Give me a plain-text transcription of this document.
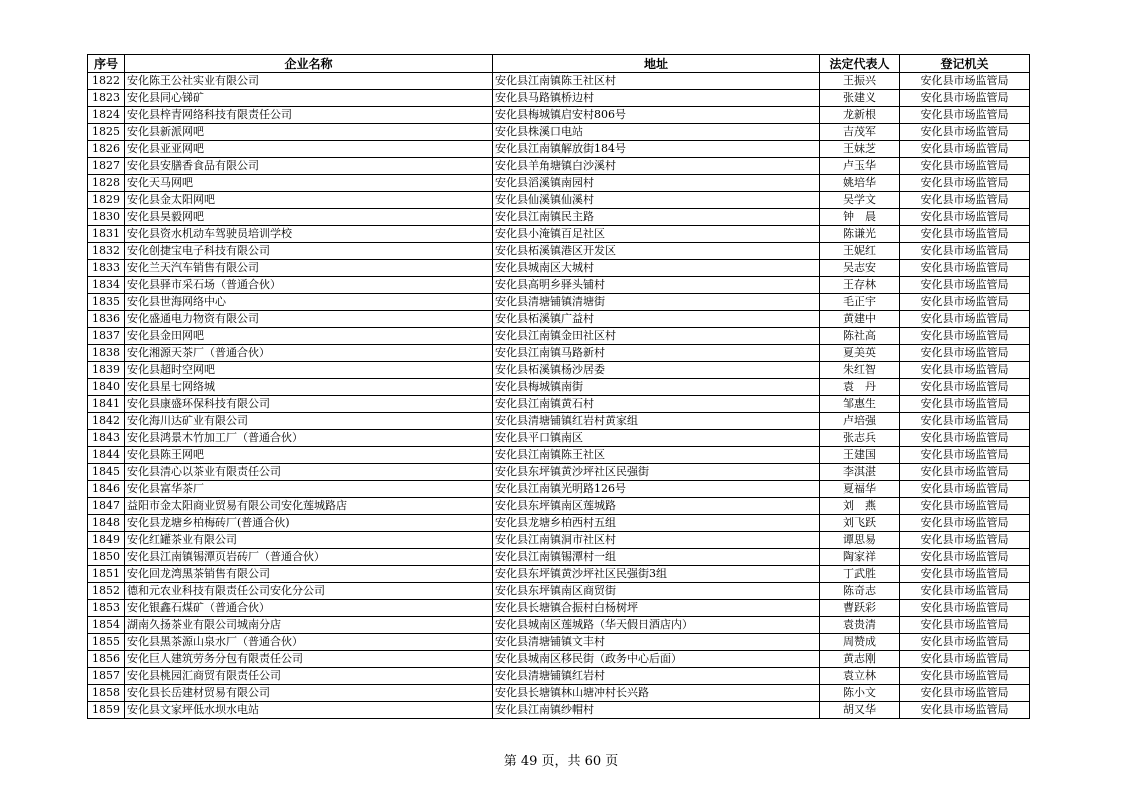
序号	企业名称	地址	法定代表人	登记机关
1822	安化陈王公社实业有限公司	安化县江南镇陈王社区村	王振兴	安化县市场监管局
1823	安化县同心锑矿	安化县马路镇桥边村	张建义	安化县市场监管局
1824	安化县梓青网络科技有限责任公司	安化县梅城镇启安村806号	龙新根	安化县市场监管局
1825	安化县新派网吧	安化县株溪口电站	吉茂军	安化县市场监管局
1826	安化县亚亚网吧	安化县江南镇解放街184号	王妹芝	安化县市场监管局
1827	安化县安膳香食品有限公司	安化县羊角塘镇白沙溪村	卢玉华	安化县市场监管局
1828	安化天马网吧	安化县滔溪镇南园村	姚培华	安化县市场监管局
1829	安化县金太阳网吧	安化县仙溪镇仙溪村	吴学文	安化县市场监管局
1830	安化县昊毅网吧	安化县江南镇民主路	钟　晨	安化县市场监管局
1831	安化县资水机动车驾驶员培训学校	安化县小淹镇百足社区	陈谦光	安化县市场监管局
1832	安化创捷宝电子科技有限公司	安化县柘溪镇港区开发区	王妮红	安化县市场监管局
1833	安化兰天汽车销售有限公司	安化县城南区大城村	吴志安	安化县市场监管局
1834	安化县驿市采石场（普通合伙）	安化县高明乡驿头铺村	王存林	安化县市场监管局
1835	安化县世海网络中心	安化县清塘铺镇清塘街	毛正宇	安化县市场监管局
1836	安化盛通电力物资有限公司	安化县柘溪镇广益村	黄建中	安化县市场监管局
1837	安化县金田网吧	安化县江南镇金田社区村	陈社高	安化县市场监管局
1838	安化湘源天茶厂（普通合伙）	安化县江南镇马路新村	夏美英	安化县市场监管局
1839	安化县超时空网吧	安化县柘溪镇杨沙居委	朱红智	安化县市场监管局
1840	安化县星七网络城	安化县梅城镇南街	袁　丹	安化县市场监管局
1841	安化县康盛环保科技有限公司	安化县江南镇黄石村	邹惠生	安化县市场监管局
1842	安化海川达矿业有限公司	安化县清塘铺镇红岩村黄家组	卢培强	安化县市场监管局
1843	安化县鸿景木竹加工厂（普通合伙）	安化县平口镇南区	张志兵	安化县市场监管局
1844	安化县陈王网吧	安化县江南镇陈王社区	王建国	安化县市场监管局
1845	安化县清心以茶业有限责任公司	安化县东坪镇黄沙坪社区民强街	李淇湛	安化县市场监管局
1846	安化县富华茶厂	安化县江南镇光明路126号	夏福华	安化县市场监管局
1847	益阳市金太阳商业贸易有限公司安化莲城路店	安化县东坪镇南区莲城路	刘　燕	安化县市场监管局
1848	安化县龙塘乡柏梅砖厂(普通合伙)	安化县龙塘乡柏西村五组	刘飞跃	安化县市场监管局
1849	安化红罐茶业有限公司	安化县江南镇洞市社区村	谭思易	安化县市场监管局
1850	安化县江南镇锡潭页岩砖厂（普通合伙）	安化县江南镇锡潭村一组	陶家祥	安化县市场监管局
1851	安化回龙湾黑茶销售有限公司	安化县东坪镇黄沙坪社区民强街3组	丁武胜	安化县市场监管局
1852	德和元农业科技有限责任公司安化分公司	安化县东坪镇南区商贸街	陈奇志	安化县市场监管局
1853	安化银鑫石煤矿（普通合伙）	安化县长塘镇合振村白杨树坪	曹跃彩	安化县市场监管局
1854	湖南久扬茶业有限公司城南分店	安化县城南区莲城路（华天假日酒店内）	袁贵清	安化县市场监管局
1855	安化县黑茶源山泉水厂（普通合伙）	安化县清塘铺镇文丰村	周赞成	安化县市场监管局
1856	安化巨人建筑劳务分包有限责任公司	安化县城南区移民街（政务中心后面）	黄志刚	安化县市场监管局
1857	安化县桃园汇商贸有限责任公司	安化县清塘铺镇红岩村	袁立林	安化县市场监管局
1858	安化县长岳建材贸易有限公司	安化县长塘镇林山塘冲村长兴路	陈小文	安化县市场监管局
1859	安化县文家坪低水坝水电站	安化县江南镇纱帽村	胡又华	安化县市场监管局
第 49 页，共 60 页
